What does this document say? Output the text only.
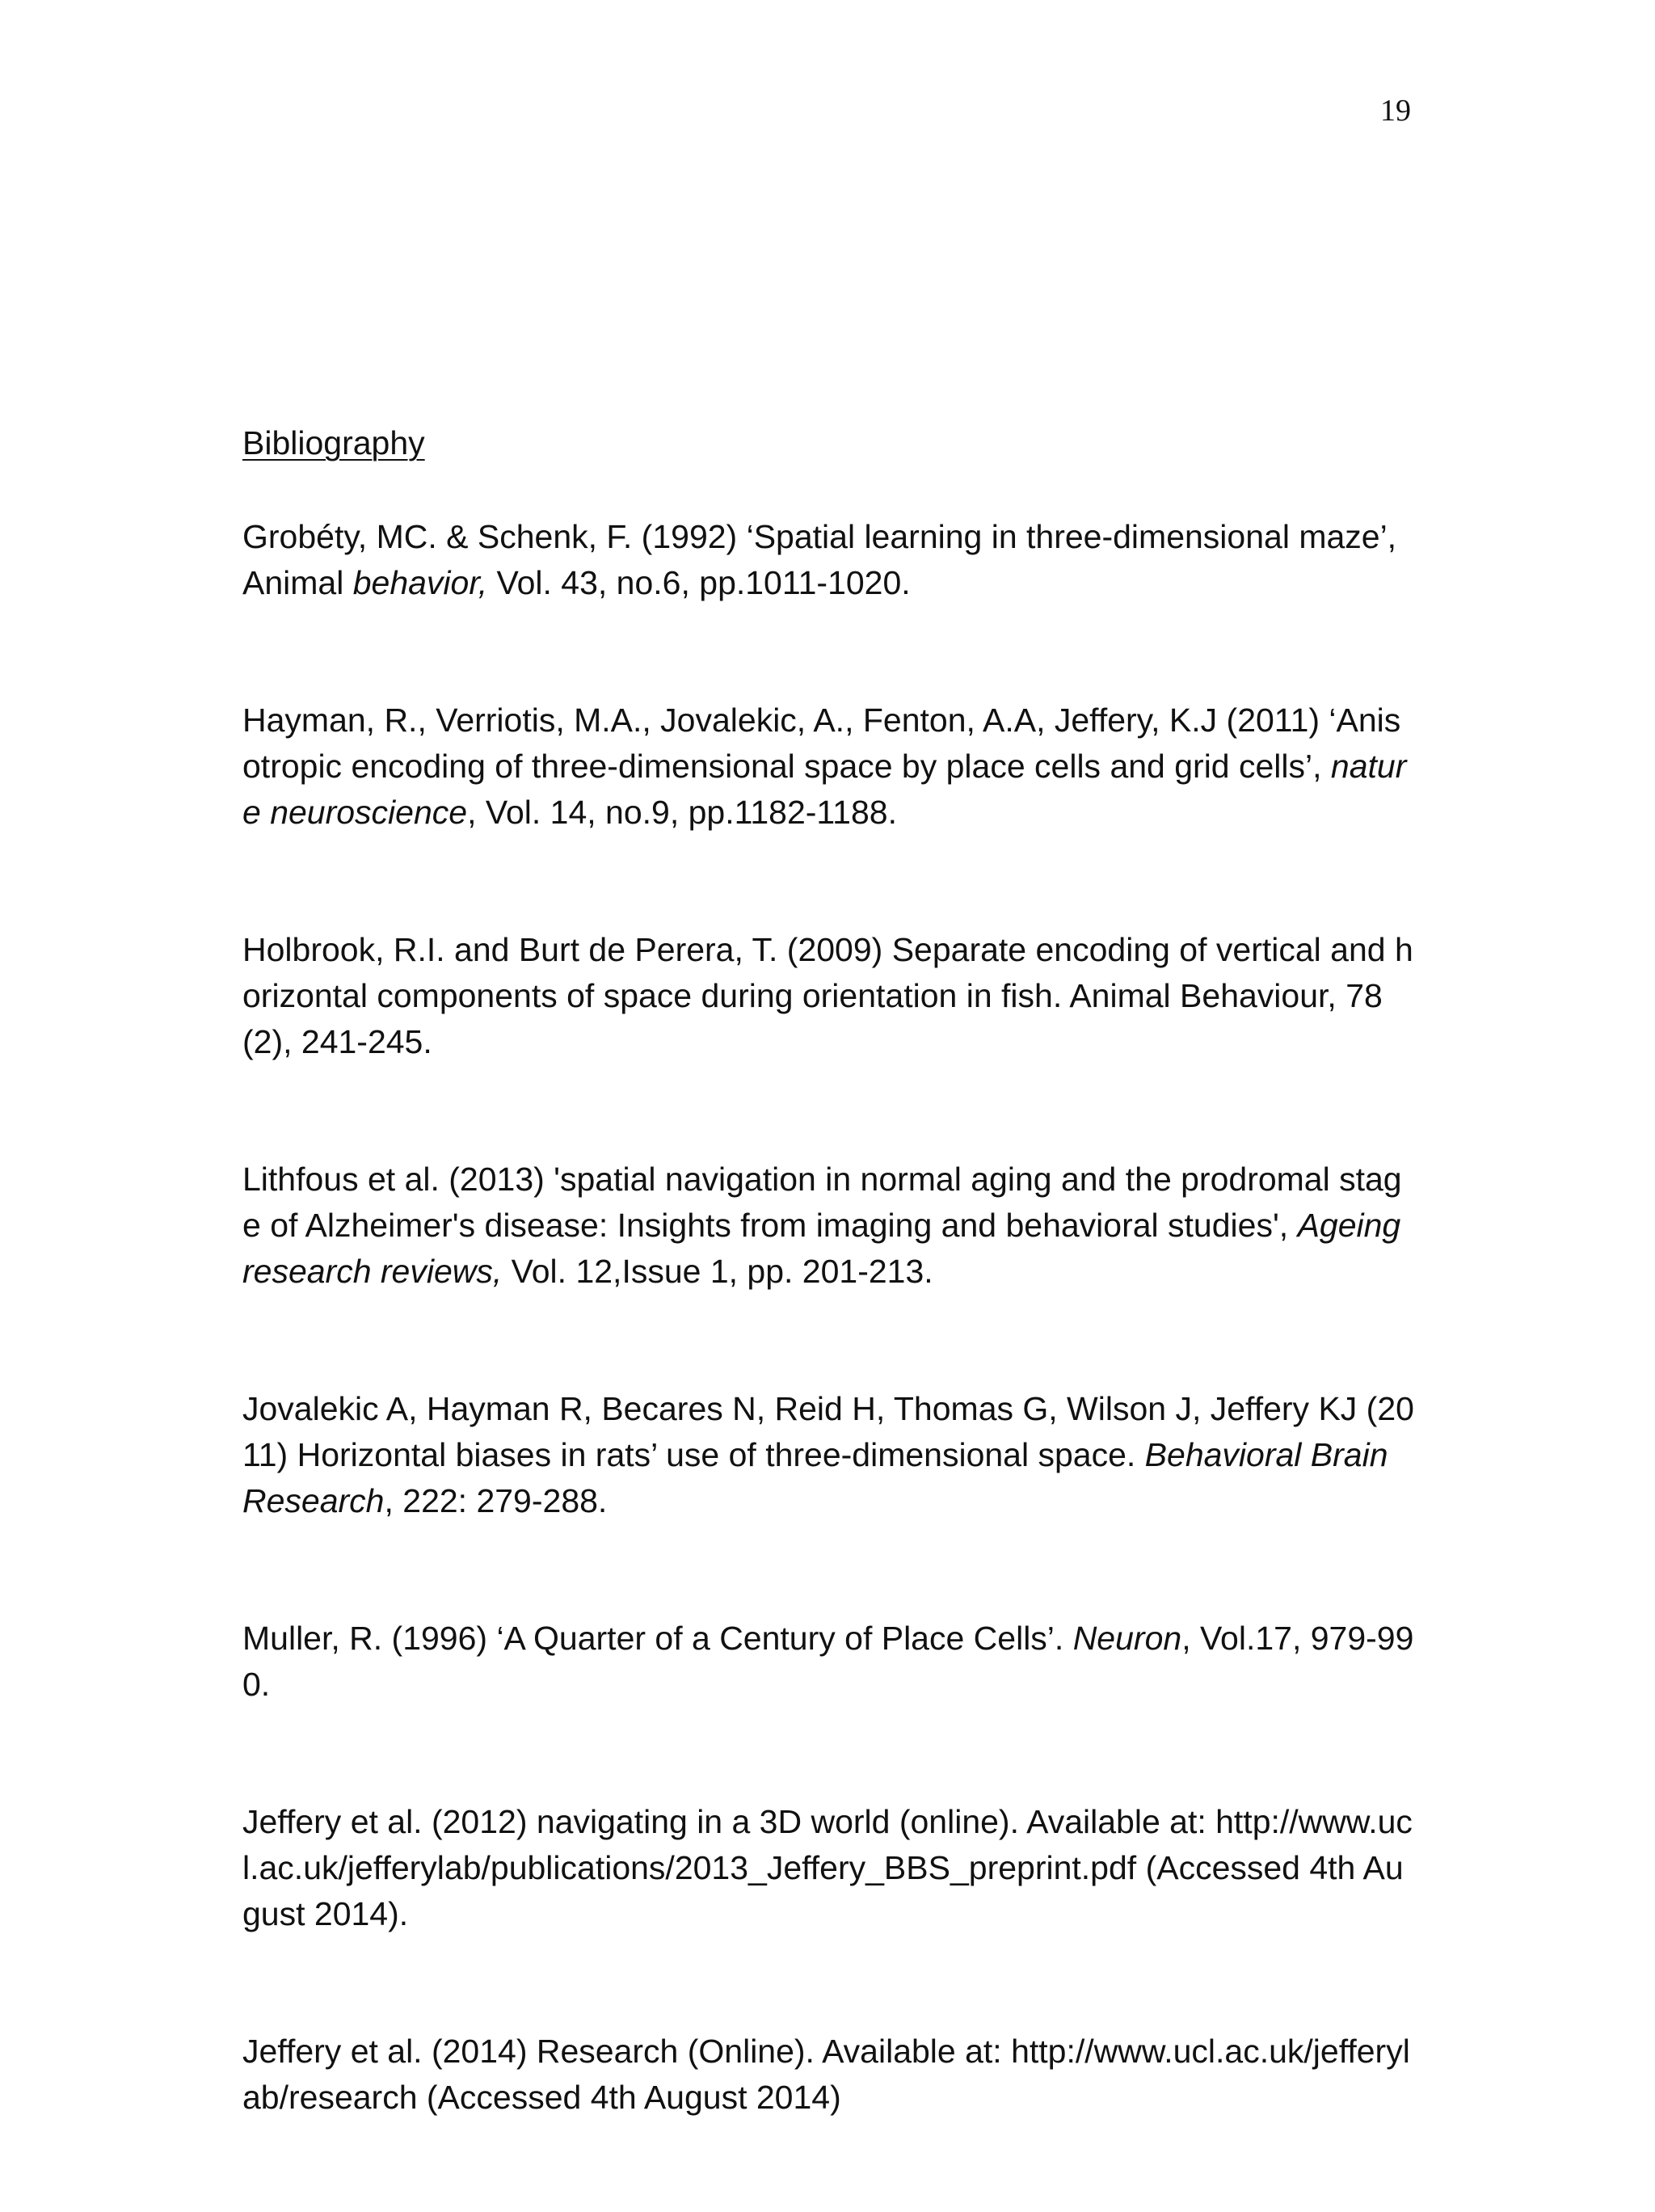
19
Bibliography
Grobéty, MC. & Schenk, F. (1992) ‘Spatial learning in three-dimensional maze’, Animal behavior, Vol. 43, no.6, pp.1011-1020.
Hayman, R., Verriotis, M.A., Jovalekic, A., Fenton, A.A, Jeffery, K.J (2011) ‘Anisotropic encoding of three-dimensional space by place cells and grid cells’, nature neuroscience, Vol. 14, no.9, pp.1182-1188.
Holbrook, R.I. and Burt de Perera, T. (2009) Separate encoding of vertical and horizontal components of space during orientation in fish. Animal Behaviour, 78(2), 241-245.
Lithfous et al. (2013) 'spatial navigation in normal aging and the prodromal stage of Alzheimer's disease: Insights from imaging and behavioral studies', Ageing research reviews, Vol. 12,Issue 1, pp. 201-213.
Jovalekic A, Hayman R, Becares N, Reid H, Thomas G, Wilson J, Jeffery KJ (2011) Horizontal biases in rats’ use of three-dimensional space. Behavioral Brain Research, 222: 279-288.
Muller, R. (1996) ‘A Quarter of a Century of Place Cells’. Neuron, Vol.17, 979-990.
Jeffery et al. (2012) navigating in a 3D world (online). Available at: http://www.ucl.ac.uk/jefferylab/publications/2013_Jeffery_BBS_preprint.pdf (Accessed 4th August 2014).
Jeffery et al. (2014) Research (Online). Available at: http://www.ucl.ac.uk/jefferylab/research (Accessed 4th August 2014)
